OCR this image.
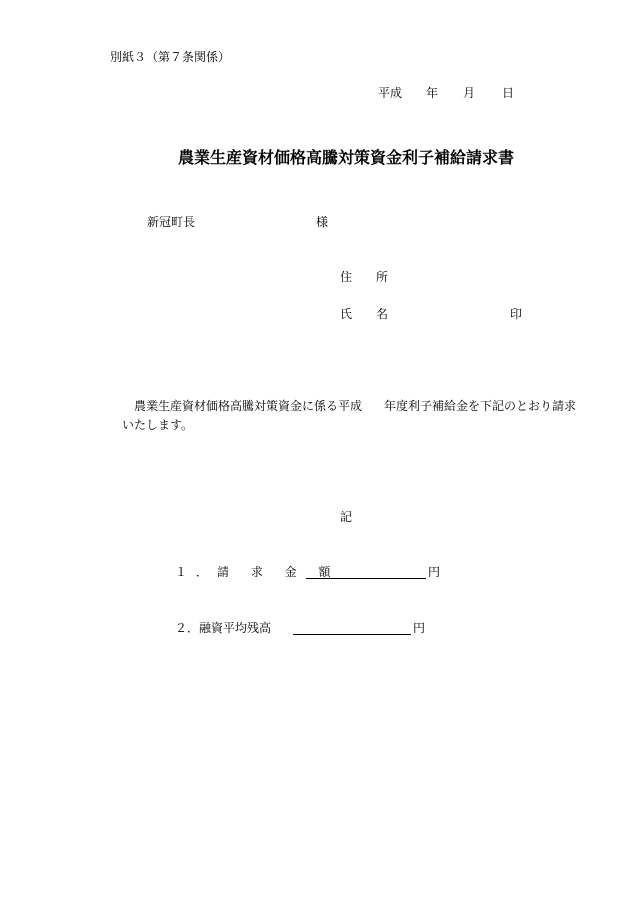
別紙３（第７条関係）
平成 年 月 日
農業生産資材価格高騰対策資金利子補給請求書
新冠町長	様
住 所
氏 名	印
農業生産資材価格高騰対策資金に係る平成 年度利子補給金を下記のとおり請求
いたします。
記
１．請 求 金 額	円
２．融資平均残高	円
